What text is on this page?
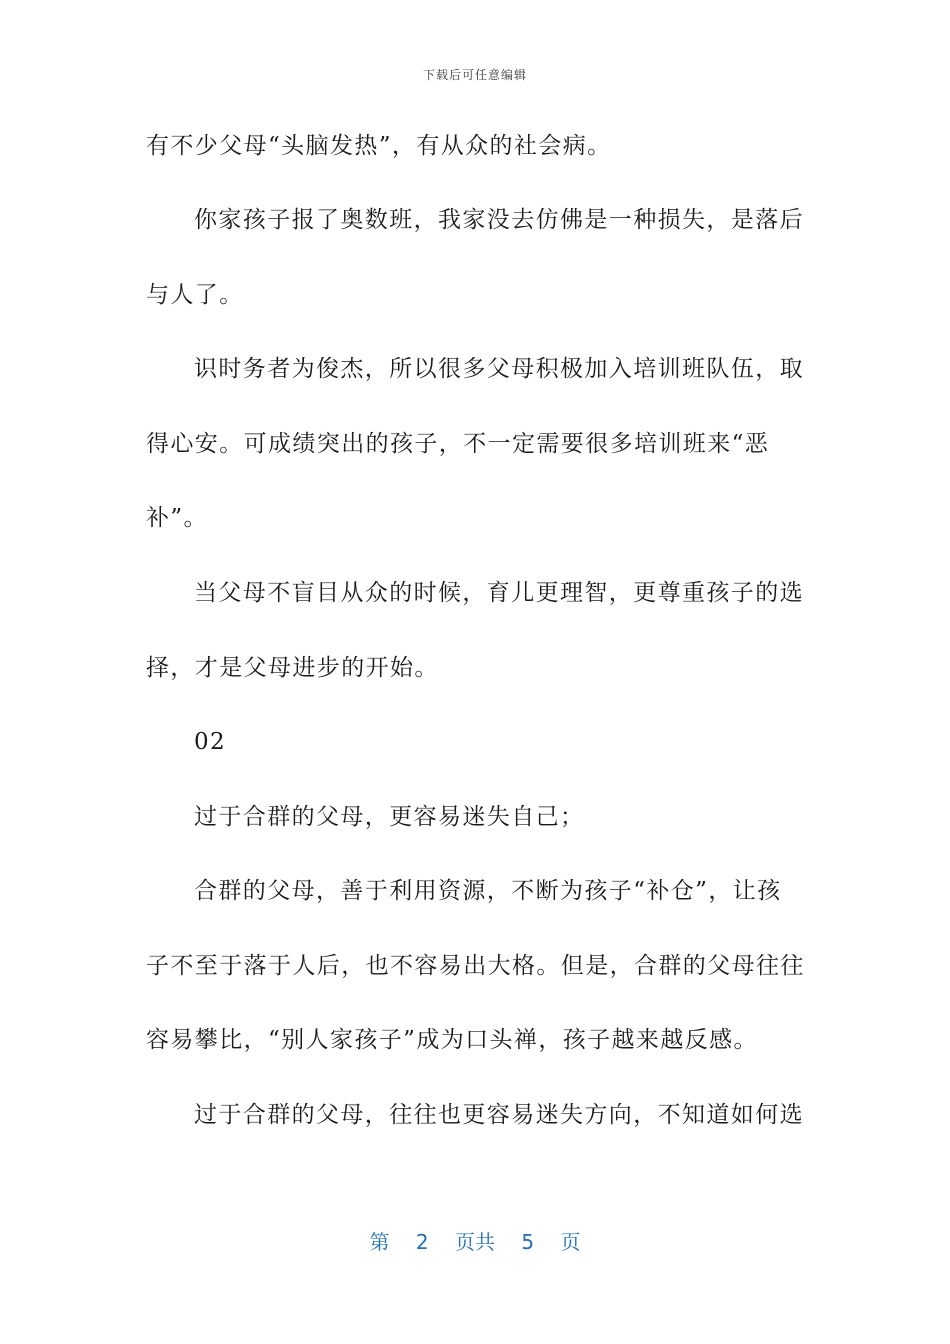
下载后可任意编辑
有不少父母“头脑发热”，有从众的社会病。
你家孩子报了奥数班，我家没去仿佛是一种损失，是落后
与人了。
识时务者为俊杰，所以很多父母积极加入培训班队伍，取
得心安。可成绩突出的孩子，不一定需要很多培训班来“恶
补”。
当父母不盲目从众的时候，育儿更理智，更尊重孩子的选
择，才是父母进步的开始。
02
过于合群的父母，更容易迷失自己；
合群的父母，善于利用资源，不断为孩子“补仓”，让孩
子不至于落于人后，也不容易出大格。但是，合群的父母往往
容易攀比，“别人家孩子”成为口头禅，孩子越来越反感。
过于合群的父母，往往也更容易迷失方向，不知道如何选
第 2 页共 5 页
